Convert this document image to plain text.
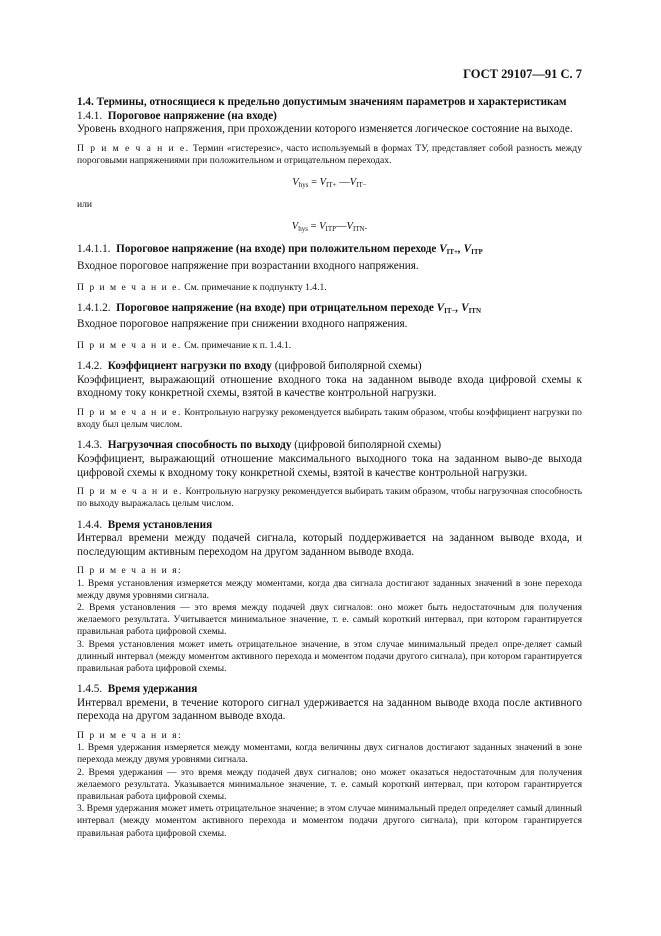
ГОСТ 29107—91 С. 7

1.4. Термины, относящиеся к предельно допустимым значениям параметров и характеристикам

1.4.1. Пороговое напряжение (на входе)

Уровень входного напряжения, при прохождении которого изменяется логическое состояние на выходе.

П р и м е ч а н и е. Термин «гистерезис», часто используемый в формах ТУ, представляет собой разность между пороговыми напряжениями при положительном и отрицательном переходах.

$V_{hys} = V_{IT+}$ $—V_{IT-}$

или

$V_{hys}$ = $V_{ITP}—V_{ITN}$.

1.4.1.1. Пороговое напряжение (на входе) при положительном переходе $V_{IT+}$, $V_{ITP}$

Входное пороговое напряжение при возрастании входного напряжения.

П р и м е ч а н и е. См. примечание к подпункту 1.4.1.

1.4.1.2. Пороговое напряжение (на входе) при отрицательном переходе $V_{IT-}$, $V_{ITN}$

Входное пороговое напряжение при снижении входного напряжения.

П р и м е ч а н и е. См. примечание к п. 1.4.1.

1.4.2. Коэффициент нагрузки по входу (цифровой биполярной схемы)

Коэффициент, выражающий отношение входного тока на заданном выводе входа цифровой схемы к входному току конкретной схемы, взятой в качестве контрольной нагрузки.

П р и м е ч а н и е. Контрольную нагрузку рекомендуется выбирать таким образом, чтобы коэффициент нагрузки по входу был целым числом.

1.4.3. Нагрузочная способность по выходу (цифровой биполярной схемы)

Коэффициент, выражающий отношение максимального выходного тока на заданном выво-де выхода цифровой схемы к входному току конкретной схемы, взятой в качестве контрольной нагрузки.

П р и м е ч а н и е. Контрольную нагрузку рекомендуется выбирать таким образом, чтобы нагрузочная способность по выходу выражалась целым числом.

1.4.4. Время установления

Интервал времени между подачей сигнала, который поддерживается на заданном выводе входа, и последующим активным переходом на другом заданном выводе входа.

П р и м е ч а н и я:

1. Время установления измеряется между моментами, когда два сигнала достигают заданных значений в зоне перехода между двумя уровнями сигнала.

2. Время установления — это время между подачей двух сигналов: оно может быть недостаточным для получения желаемого результата. Учитывается минимальное значение, т. е. самый короткий интервал, при котором гарантируется правильная работа цифровой схемы.

3. Время установления может иметь отрицательное значение, в этом случае минимальный предел опре-деляет самый длинный интервал (между моментом активного перехода и моментом подачи другого сигнала), при котором гарантируется правильная работа цифровой схемы.

1.4.5. Время удержания

Интервал времени, в течение которого сигнал удерживается на заданном выводе входа после активного перехода на другом заданном выводе входа.

П р и м е ч а н и я:

1. Время удержания измеряется между моментами, когда величины двух сигналов достигают заданных значений в зоне перехода между двумя уровнями сигнала.

2. Время удержания — это время между подачей двух сигналов; оно может оказаться недостаточным для получения желаемого результата. Указывается минимальное значение, т. е. самый короткий интервал, при котором гарантируется правильная работа цифровой схемы.

3. Время удержания может иметь отрицательное значение; в этом случае минимальный предел определяет самый длинный интервал (между моментом активного перехода и моментом подачи другого сигнала), при котором гарантируется правильная работа цифровой схемы.
